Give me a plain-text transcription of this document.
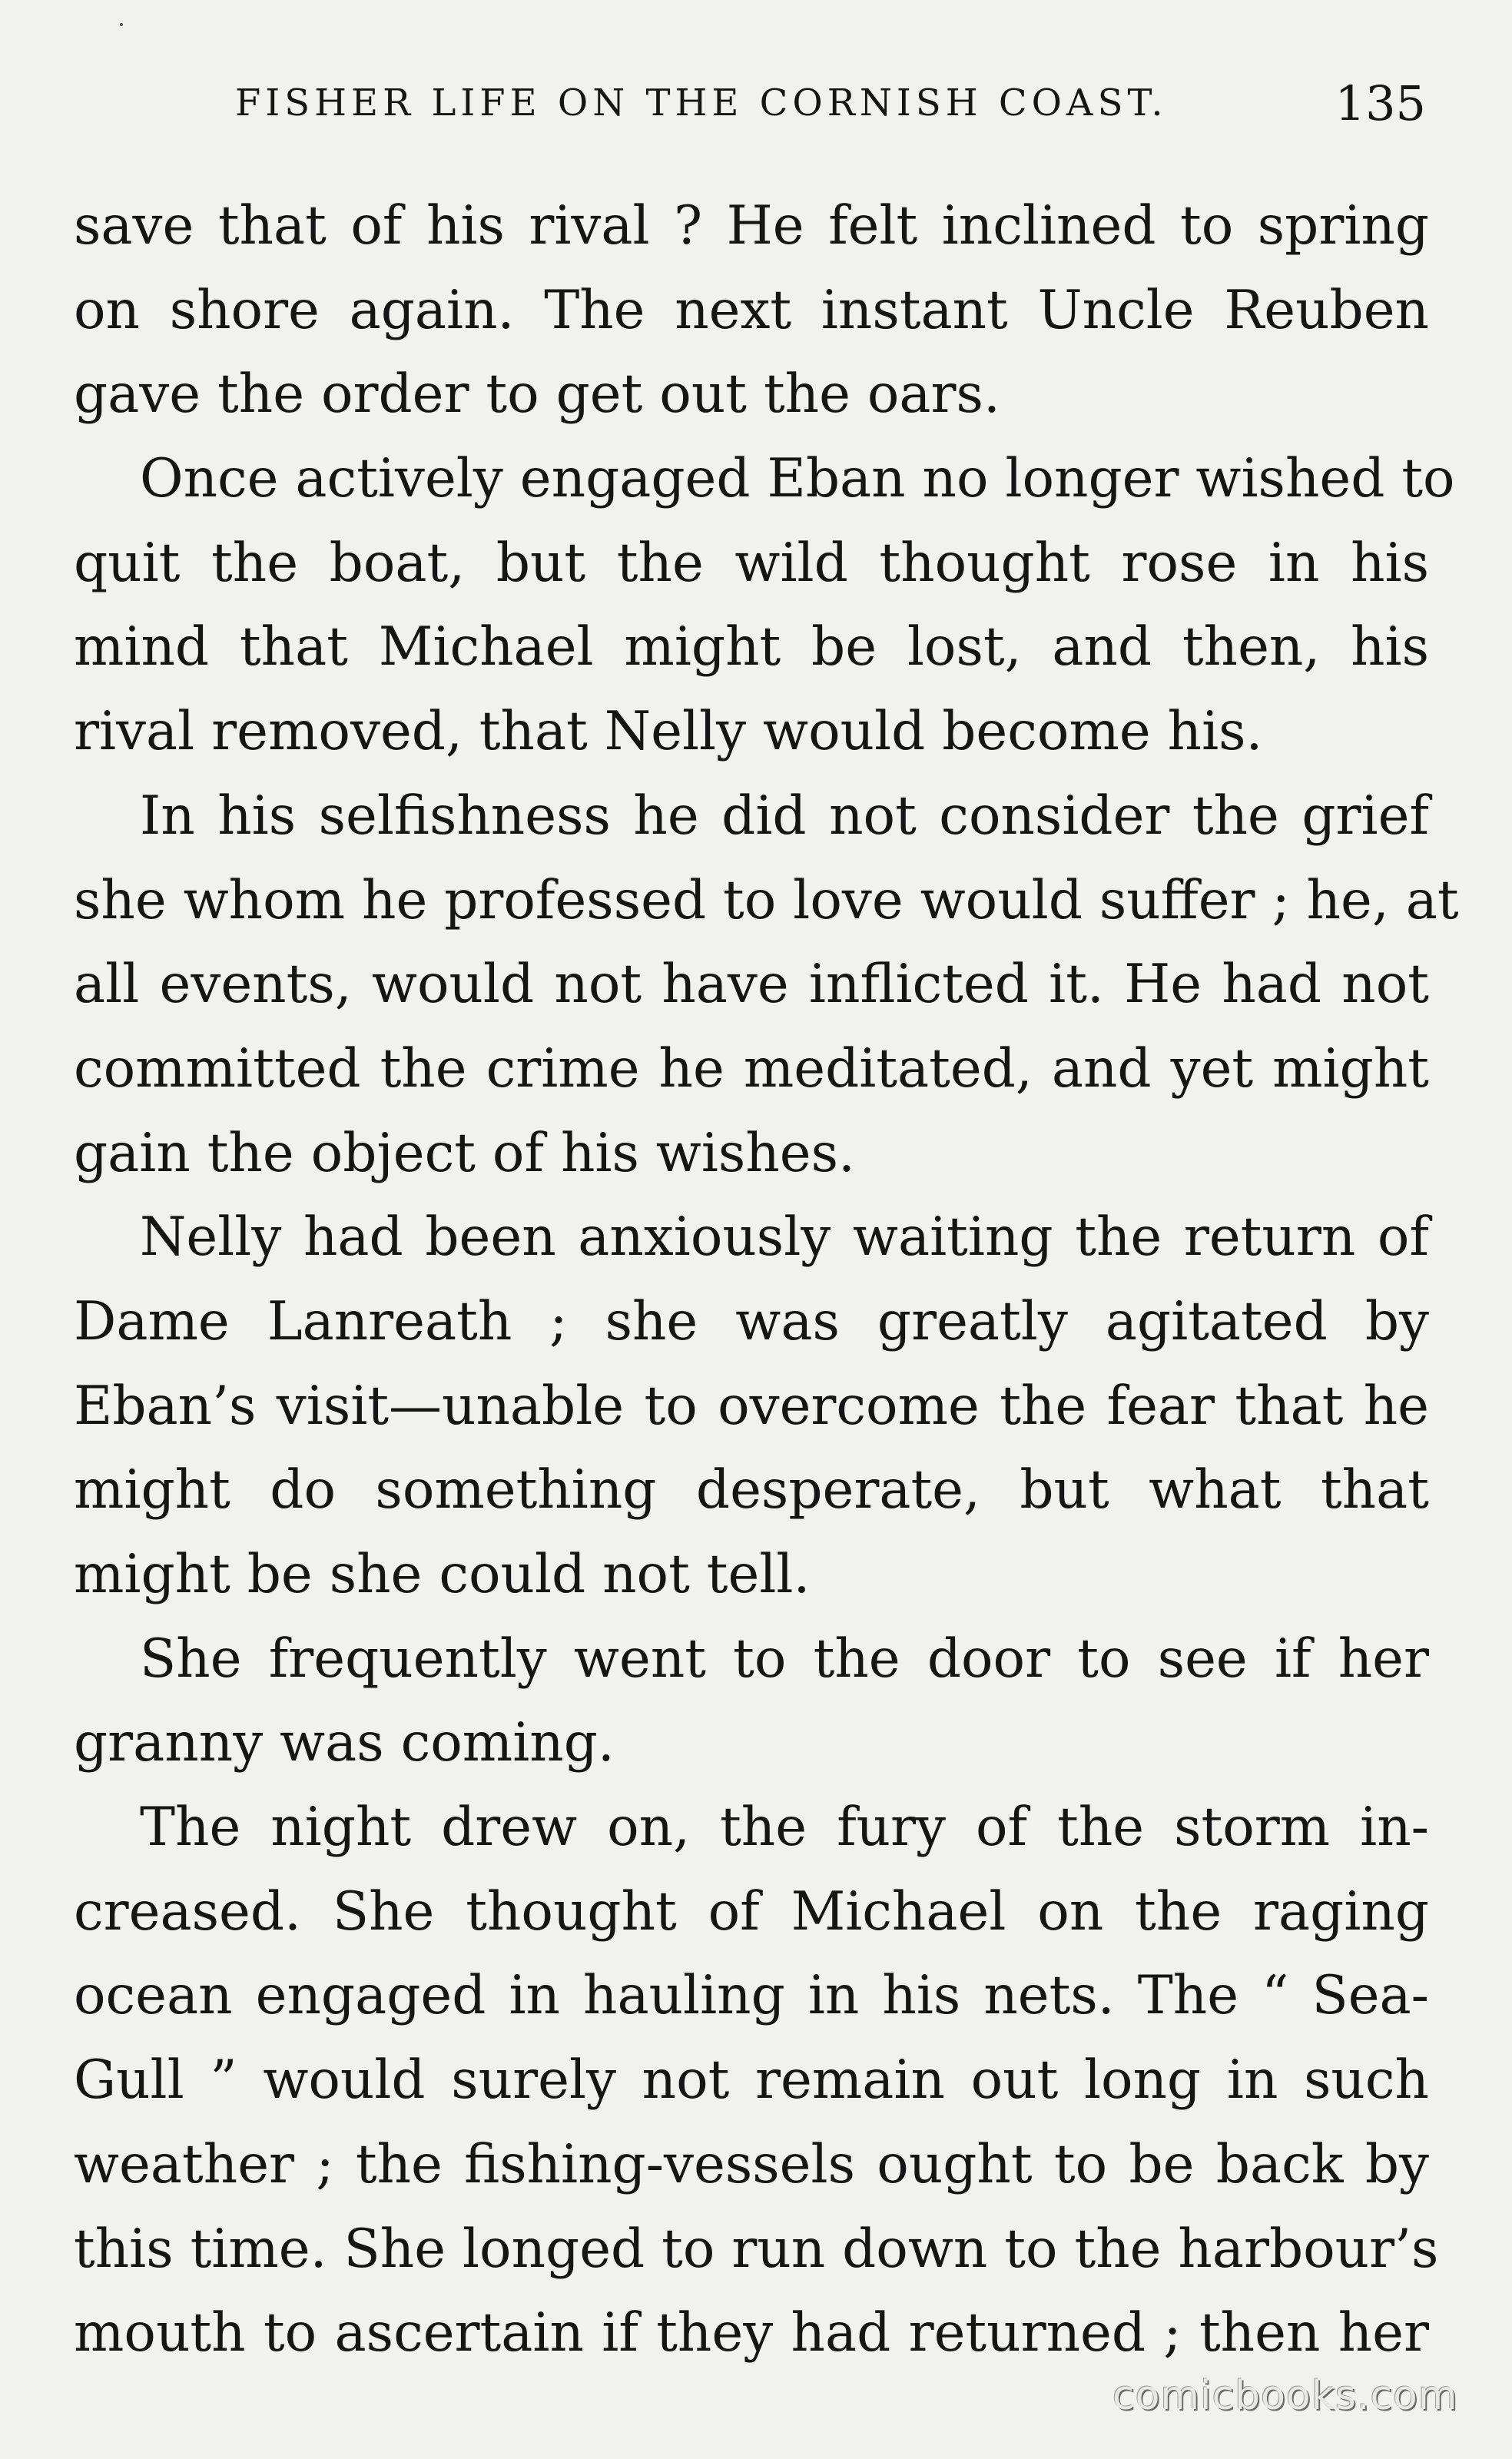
FISHER LIFE ON THE CORNISH COAST.	135
save that of his rival ? He felt inclined to spring
on shore again. The next instant Uncle Reuben
gave the order to get out the oars.
Once actively engaged Eban no longer wished to
quit the boat, but the wild thought rose in his
mind that Michael might be lost, and then, his
rival removed, that Nelly would become his.
In his selfishness he did not consider the grief
she whom he professed to love would suffer ; he, at
all events, would not have inflicted it. He had not
committed the crime he meditated, and yet might
gain the object of his wishes.
Nelly had been anxiously waiting the return of
Dame Lanreath ; she was greatly agitated by
Eban’s visit—unable to overcome the fear that he
might do something desperate, but what that
might be she could not tell.
She frequently went to the door to see if her
granny was coming.
The night drew on, the fury of the storm in-
creased. She thought of Michael on the raging
ocean engaged in hauling in his nets. The “ Sea-
Gull ” would surely not remain out long in such
weather ; the fishing-vessels ought to be back by
this time. She longed to run down to the harbour’s
mouth to ascertain if they had returned ; then her
comicbooks.com
